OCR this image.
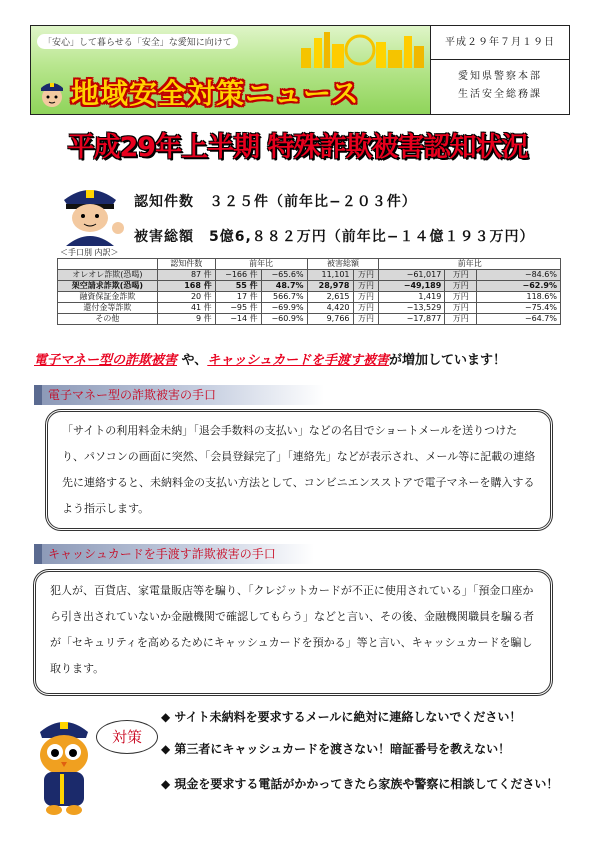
「安心」して暮らせる「安全」な愛知に向けて
地域安全対策ニュース
平成２９年７月１９日
愛知県警察本部
生活安全総務課
平成29年上半期 特殊詐欺被害認知状況
認知件数　３２５件（前年比−２０３件）
被害総額　5億6,８８２万円（前年比−１４億１９３万円）
＜手口別 内訳＞
	認知件数	前年比		被害総額		前年比		
オレオレ詐欺(恐喝)	87 件	−166 件	−65.6%	11,101	万円	−61,017	万円	−84.6%
架空請求詐欺(恐喝)	168 件	55 件	48.7%	28,978	万円	−49,189	万円	−62.9%
融資保証金詐欺	20 件	17 件	566.7%	2,615	万円	1,419	万円	118.6%
還付金等詐欺	41 件	−95 件	−69.9%	4,420	万円	−13,529	万円	−75.4%
その他	9 件	−14 件	−60.9%	9,766	万円	−17,877	万円	−64.7%
電子マネー型の詐欺被害 や、キャッシュカードを手渡す被害が増加しています！
電子マネー型の詐欺被害の手口
「サイトの利用料金未納」「退会手数料の支払い」などの名目でショートメールを送りつけたり、パソコンの画面に突然、「会員登録完了」「連絡先」などが表示され、メール等に記載の連絡先に連絡すると、未納料金の支払い方法として、コンビニエンスストアで電子マネーを購入するよう指示します。
キャッシュカードを手渡す詐欺被害の手口
犯人が、百貨店、家電量販店等を騙り、「クレジットカードが不正に使用されている」「預金口座から引き出されていないか金融機関で確認してもらう」などと言い、その後、金融機関職員を騙る者が「セキュリティを高めるためにキャッシュカードを預かる」等と言い、キャッシュカードを騙し取ります。
対策
◆ サイト未納料を要求するメールに絶対に連絡しないでください！
◆ 第三者にキャッシュカードを渡さない！暗証番号を教えない！
◆ 現金を要求する電話がかかってきたら家族や警察に相談してください！
